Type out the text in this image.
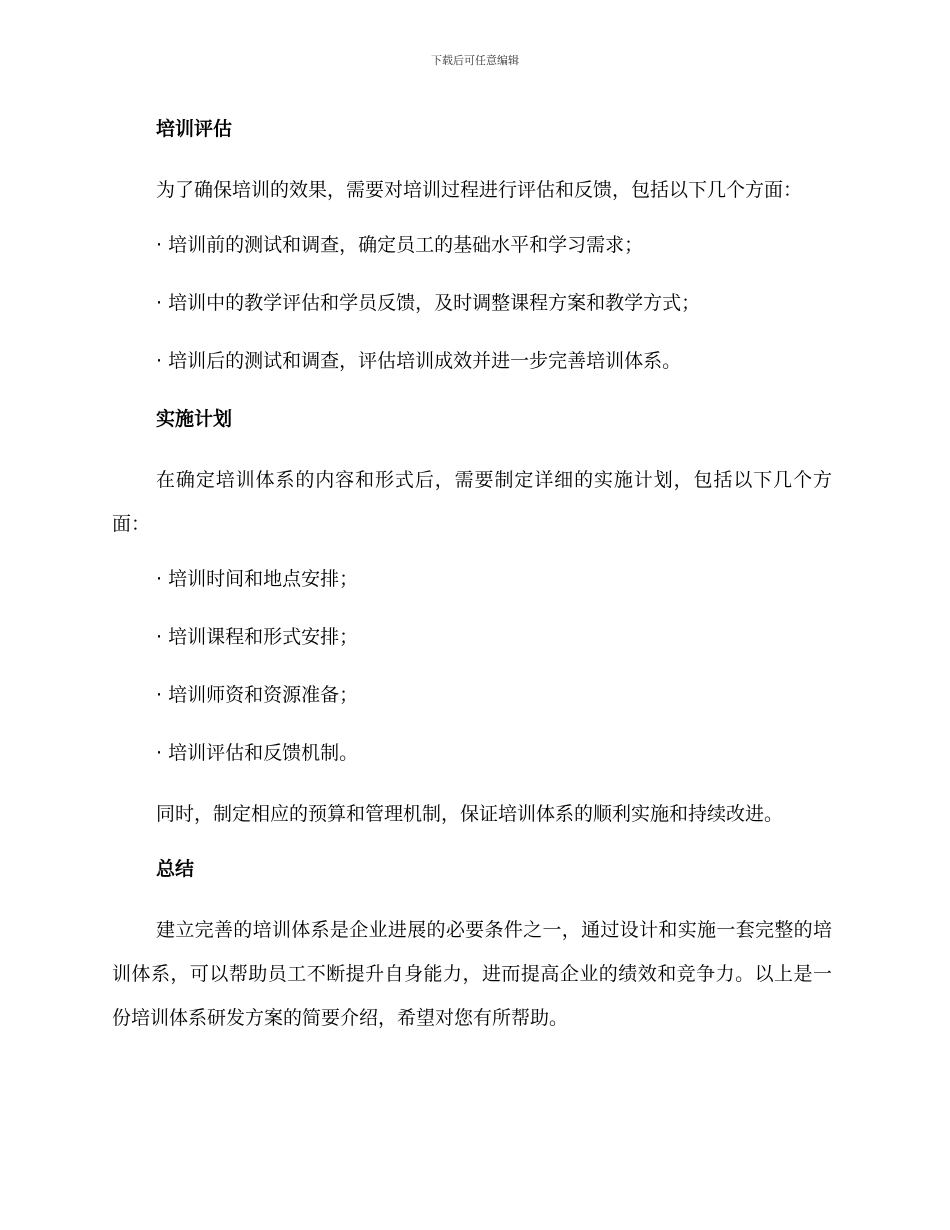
下载后可任意编辑
培训评估

为了确保培训的效果，需要对培训过程进行评估和反馈，包括以下几个方面：

· 培训前的测试和调查，确定员工的基础水平和学习需求；

· 培训中的教学评估和学员反馈，及时调整课程方案和教学方式；

· 培训后的测试和调查，评估培训成效并进一步完善培训体系。

实施计划

在确定培训体系的内容和形式后，需要制定详细的实施计划，包括以下几个方面：

· 培训时间和地点安排；

· 培训课程和形式安排；

· 培训师资和资源准备；

· 培训评估和反馈机制。

同时，制定相应的预算和管理机制，保证培训体系的顺利实施和持续改进。

总结

建立完善的培训体系是企业进展的必要条件之一，通过设计和实施一套完整的培训体系，可以帮助员工不断提升自身能力，进而提高企业的绩效和竞争力。以上是一份培训体系研发方案的简要介绍，希望对您有所帮助。
